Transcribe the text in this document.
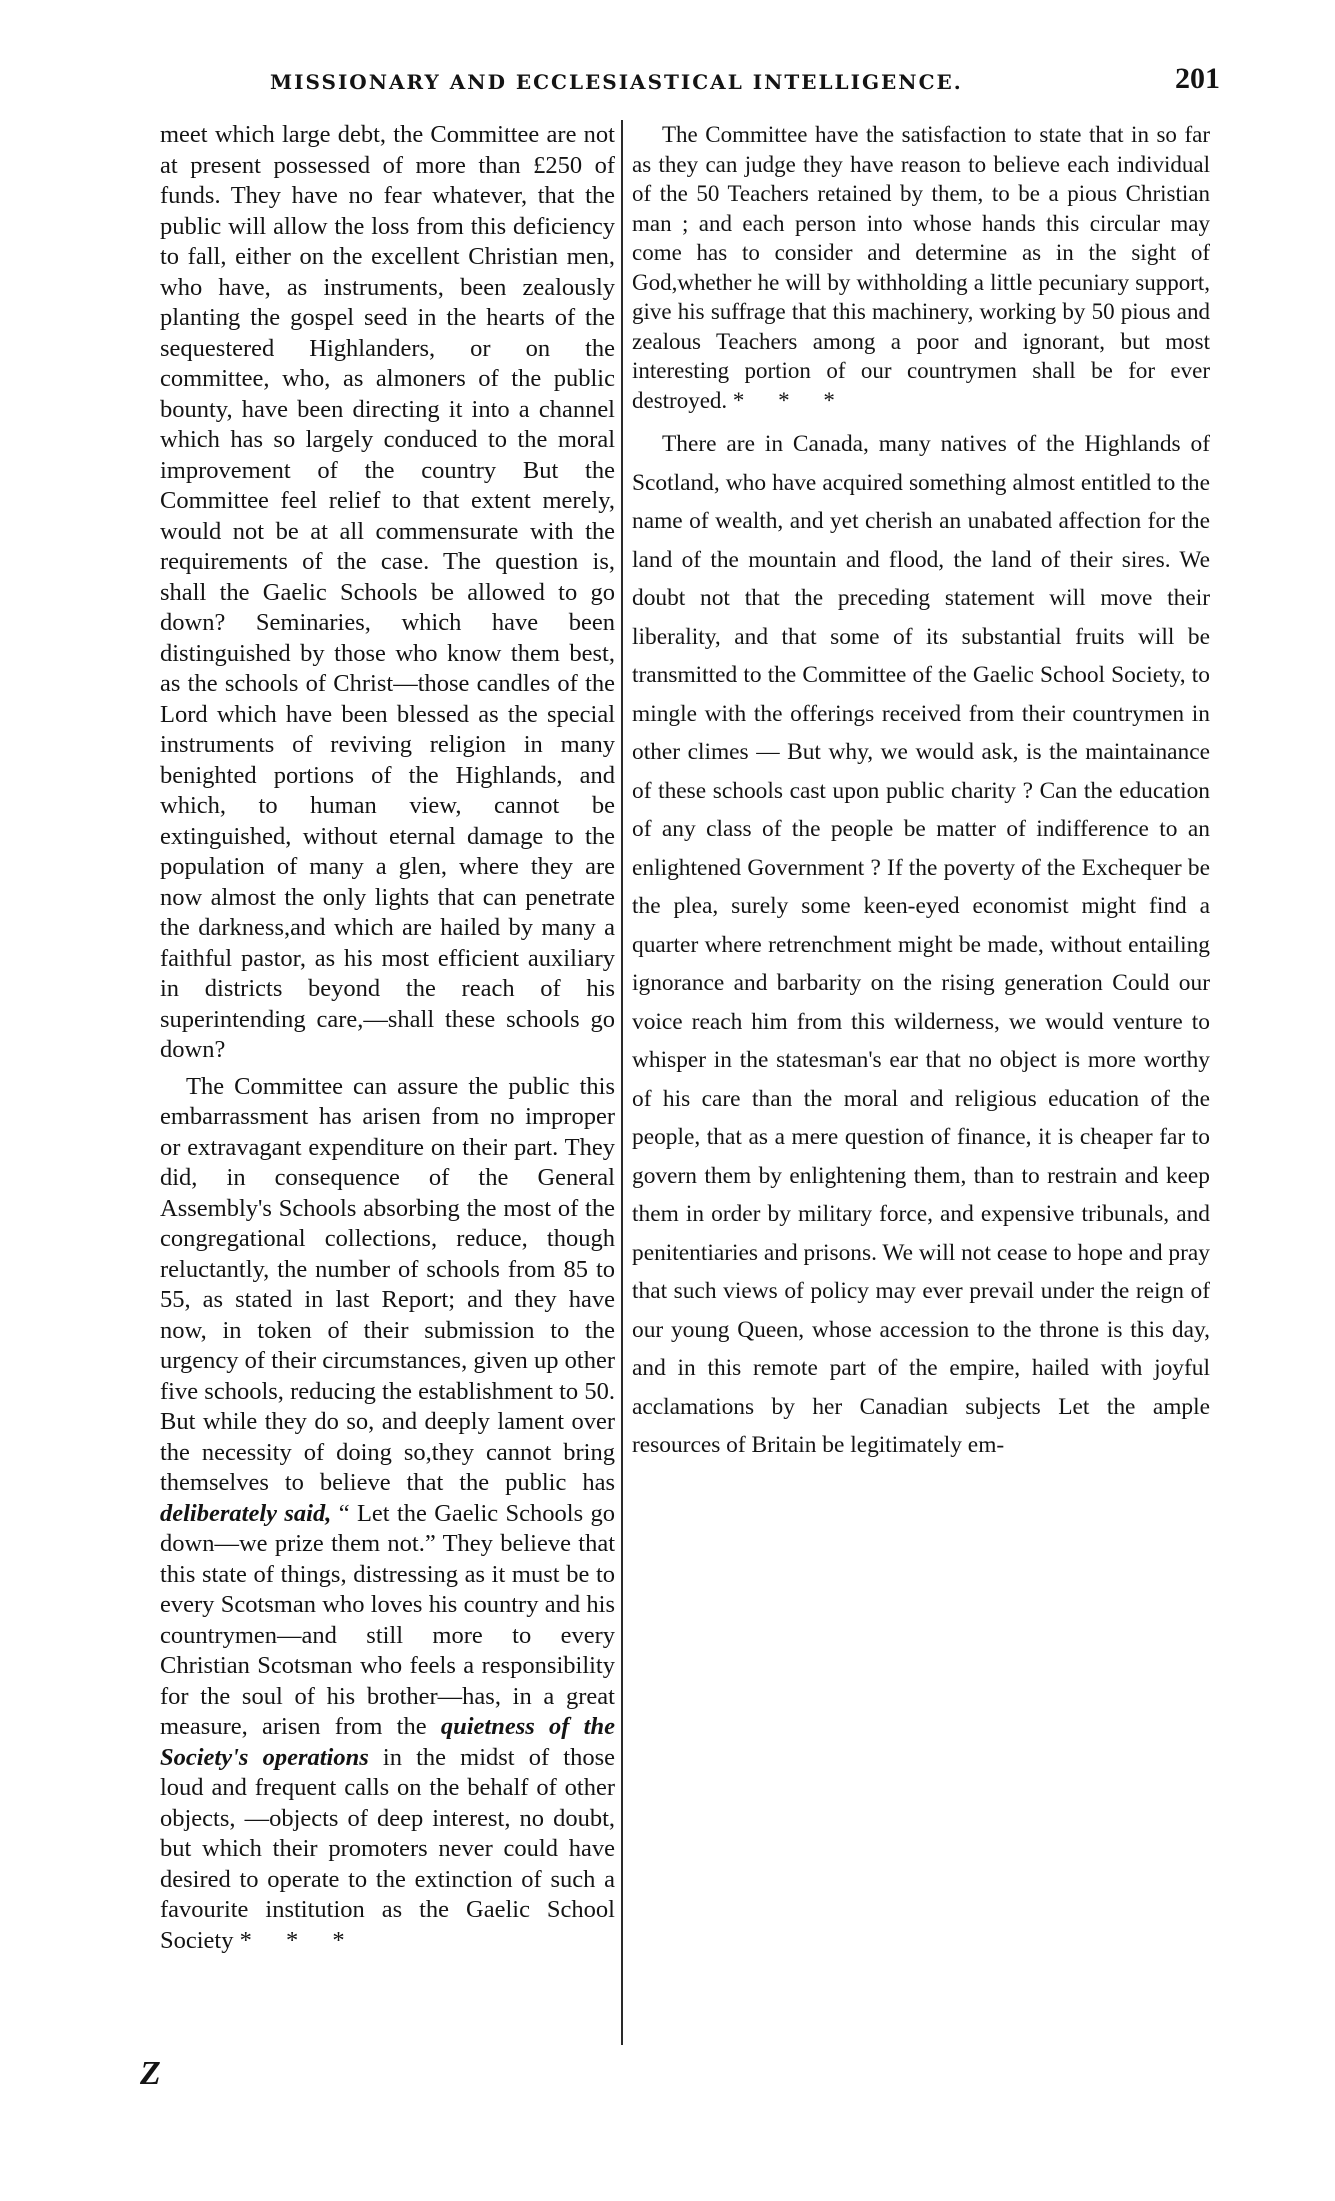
MISSIONARY AND ECCLESIASTICAL INTELLIGENCE.	201

meet which large debt, the Committee are not at present possessed of more than £250 of funds. They have no fear whatever, that the public will allow the loss from this deficiency to fall, either on the excellent Christian men, who have, as instruments, been zealously planting the gospel seed in the hearts of the sequestered Highlanders, or on the committee, who, as almoners of the public bounty, have been directing it into a channel which has so largely conduced to the moral improvement of the country But the Committee feel relief to that extent merely, would not be at all commensurate with the requirements of the case. The question is, shall the Gaelic Schools be allowed to go down? Seminaries, which have been distinguished by those who know them best, as the schools of Christ—those candles of the Lord which have been blessed as the special instruments of reviving religion in many benighted portions of the Highlands, and which, to human view, cannot be extinguished, without eternal damage to the population of many a glen, where they are now almost the only lights that can penetrate the darkness,and which are hailed by many a faithful pastor, as his most efficient auxiliary in districts beyond the reach of his superintending care,—shall these schools go down?

The Committee can assure the public this embarrassment has arisen from no improper or extravagant expenditure on their part. They did, in consequence of the General Assembly's Schools absorbing the most of the congregational collections, reduce, though reluctantly, the number of schools from 85 to 55, as stated in last Report; and they have now, in token of their submission to the urgency of their circumstances, given up other five schools, reducing the establishment to 50. But while they do so, and deeply lament over the necessity of doing so,they cannot bring themselves to believe that the public has deliberately said, “ Let the Gaelic Schools go down—we prize them not.” They believe that this state of things, distressing as it must be to every Scotsman who loves his country and his countrymen—and still more to every Christian Scotsman who feels a responsibility for the soul of his brother—has, in a great measure, arisen from the quietness of the Society's operations in the midst of those loud and frequent calls on the behalf of other objects, —objects of deep interest, no doubt, but which their promoters never could have desired to operate to the extinction of such a favourite institution as the Gaelic School Society * * *

The Committee have the satisfaction to state that in so far as they can judge they have reason to believe each individual of the 50 Teachers retained by them, to be a pious Christian man ; and each person into whose hands this circular may come has to consider and determine as in the sight of God,whether he will by withholding a little pecuniary support, give his suffrage that this machinery, working by 50 pious and zealous Teachers among a poor and ignorant, but most interesting portion of our countrymen shall be for ever destroyed. * * *

There are in Canada, many natives of the Highlands of Scotland, who have acquired something almost entitled to the name of wealth, and yet cherish an unabated affection for the land of the mountain and flood, the land of their sires. We doubt not that the preceding statement will move their liberality, and that some of its substantial fruits will be transmitted to the Committee of the Gaelic School Society, to mingle with the offerings received from their countrymen in other climes — But why, we would ask, is the maintainance of these schools cast upon public charity ? Can the education of any class of the people be matter of indifference to an enlightened Government ? If the poverty of the Exchequer be the plea, surely some keen-eyed economist might find a quarter where retrenchment might be made, without entailing ignorance and barbarity on the rising generation Could our voice reach him from this wilderness, we would venture to whisper in the statesman's ear that no object is more worthy of his care than the moral and religious education of the people, that as a mere question of finance, it is cheaper far to govern them by enlightening them, than to restrain and keep them in order by military force, and expensive tribunals, and penitentiaries and prisons. We will not cease to hope and pray that such views of policy may ever prevail under the reign of our young Queen, whose accession to the throne is this day, and in this remote part of the empire, hailed with joyful acclamations by her Canadian subjects Let the ample resources of Britain be legitimately em-

Z
